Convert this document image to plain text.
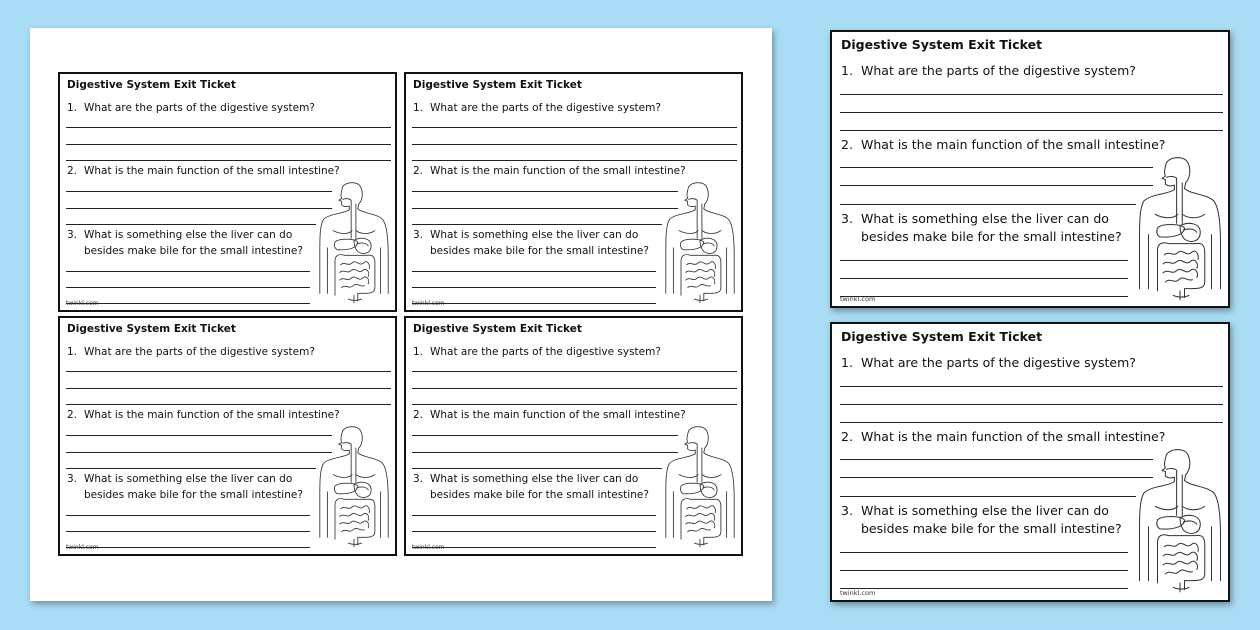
Digestive System Exit Ticket
1. What are the parts of the digestive system?
2. What is the main function of the small intestine?
3. What is something else the liver can do
besides make bile for the small intestine?
twinkl.com
Digestive System Exit Ticket
1. What are the parts of the digestive system?
2. What is the main function of the small intestine?
3. What is something else the liver can do
besides make bile for the small intestine?
twinkl.com
Digestive System Exit Ticket
1. What are the parts of the digestive system?
2. What is the main function of the small intestine?
3. What is something else the liver can do
besides make bile for the small intestine?
twinkl.com
Digestive System Exit Ticket
1. What are the parts of the digestive system?
2. What is the main function of the small intestine?
3. What is something else the liver can do
besides make bile for the small intestine?
twinkl.com
Digestive System Exit Ticket
1. What are the parts of the digestive system?
2. What is the main function of the small intestine?
3. What is something else the liver can do
besides make bile for the small intestine?
twinkl.com
Digestive System Exit Ticket
1. What are the parts of the digestive system?
2. What is the main function of the small intestine?
3. What is something else the liver can do
besides make bile for the small intestine?
twinkl.com
